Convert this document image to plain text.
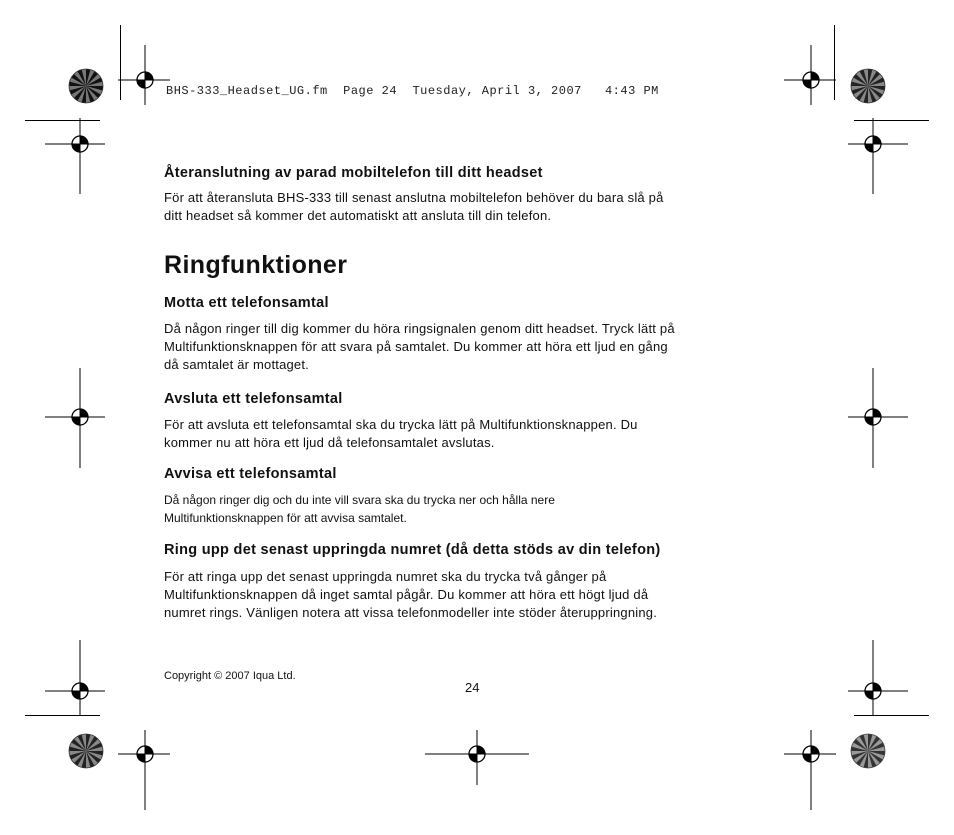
BHS-333_Headset_UG.fm  Page 24  Tuesday, April 3, 2007   4:43 PM
Återanslutning av parad mobiltelefon till ditt headset

För att återansluta BHS-333 till senast anslutna mobiltelefon behöver du bara slå på
ditt headset så kommer det automatiskt att ansluta till din telefon.

Ringfunktioner
Motta ett telefonsamtal

Då någon ringer till dig kommer du höra ringsignalen genom ditt headset. Tryck lätt på
Multifunktionsknappen för att svara på samtalet. Du kommer att höra ett ljud en gång
då samtalet är mottaget.

Avsluta ett telefonsamtal

För att avsluta ett telefonsamtal ska du trycka lätt på Multifunktionsknappen. Du
kommer nu att höra ett ljud då telefonsamtalet avslutas.

Avvisa ett telefonsamtal

Då någon ringer dig och du inte vill svara ska du trycka ner och hålla nere
Multifunktionsknappen för att avvisa samtalet.

Ring upp det senast uppringda numret (då detta stöds av din telefon)

För att ringa upp det senast uppringda numret ska du trycka två gånger på
Multifunktionsknappen då inget samtal pågår. Du kommer att höra ett högt ljud då
numret rings. Vänligen notera att vissa telefonmodeller inte stöder återuppringning.

Copyright © 2007 Iqua Ltd.
24
